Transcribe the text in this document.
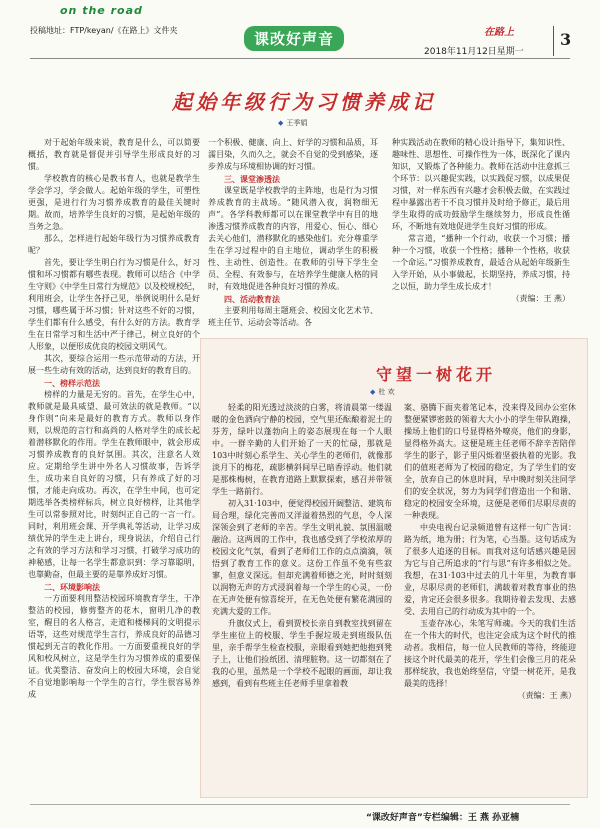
on the road
投稿地址：FTP/keyan/《在路上》文件夹	课改好声音	在路上
2018年11月12日星期一
3
起始年级行为习惯养成记
◆ 王季娟

对于起始年级来说，教育是什么，可以简要概括，教育就是督促并引导学生形成良好的习惯。

学校教育的核心是教书育人，也就是教学生学会学习，学会做人。起始年级的学生，可塑性更强，是进行行为习惯养成教育的最佳关键时期。故而，培养学生良好的习惯，是起始年级的当务之急。

那么，怎样进行起始年级行为习惯养成教育呢？

首先，要让学生明白行为习惯是什么，好习惯和坏习惯都有哪些表现。教师可以结合《中学生守则》《中学生日常行为规范》以及校规校纪，利用班会，让学生各抒己见，举例说明什么是好习惯，哪些属于坏习惯；针对这些不好的习惯，学生们都有什么感受，有什么好的方法。教育学生在日常学习和生活中严于律己，树立良好的个人形象，以便形成优良的校园文明风气。

其次，要综合运用一些示范带动的方法，开展一些生动有效的活动，达到良好的教育目的。

一、榜样示范法

榜样的力量是无穷的。首先，在学生心中，教师就是最具威望、最可效法的就是教师。“以身作则”向来是最好的教育方式。教师以身作则，以规范的言行和高尚的人格对学生的成长起着潜移默化的作用。学生在教师眼中，就会形成习惯养成教育的良好氛围。其次，注意名人效应。定期给学生讲中外名人习惯故事，告诉学生，成功来自良好的习惯，只有养成了好的习惯，才能走向成功。再次，在学生中间，也可定期选举各类榜样标兵，树立良好榜样，让其他学生可以常参照对比，时刻纠正自己的一言一行。同时，利用班会课、开学典礼等活动，让学习成绩优异的学生走上讲台，现身说法，介绍自己行之有效的学习方法和学习习惯，打破学习成功的神秘感，让每一名学生都意识到：学习靠聪明，也靠勤奋，但最主要的是靠养成好习惯。

二、环境影响法

一方面要利用整洁校园环境教育学生，干净整洁的校园，修剪整齐的花木，窗明几净的教室，醒目的名人格言，走道和楼梯间的文明提示语等，这些对规范学生言行，养成良好的品德习惯起到无言的教化作用。一方面要重视良好的学风和校风树立，这是学生行为习惯养成的重要保证。优美整洁、奋发向上的校园大环境，会自觉不自觉地影响每一个学生的言行，学生很容易养成

一个积极、健康、向上、好学的习惯和品质，耳濡目染，久而久之，就会不自觉的受到感染，逐步养成与环境相协调的好习惯。

三、课堂渗透法

课堂既是学校教学的主阵地，也是行为习惯养成教育的主战场。“随风潜入夜，润物细无声”。各学科教师都可以在课堂教学中有目的地渗透习惯养成教育的内容，用爱心、恒心、细心去关心他们，潜移默化的感染他们。充分尊重学生在学习过程中的自主地位，调动学生的积极性、主动性、创造性。在教师的引导下学生全员、全程、有效参与，在培养学生健康人格的同时，有效地促进各种良好习惯的养成。

四、活动教育法

主要利用每周主题班会、校园文化艺术节、班主任节、运动会等活动。各

种实践活动在教师的精心设计指导下，集知识性、趣味性、思想性、可操作性为一体，既深化了课内知识，又锻炼了各种能力。教师在活动中注意抓三个环节：以兴趣促实践，以实践促习惯，以成果促习惯，对一样东西有兴趣才会积极去做，在实践过程中暴露出若干不良习惯并及时给予修正，最后用学生取得的成功鼓励学生继续努力，形成良性循环，不断地有效地促进学生良好习惯的形成。

常言道，“播种一个行动，收获一个习惯；播种一个习惯，收获一个性格；播种一个性格，收获一个命运。”习惯养成教育，最适合从起始年级新生入学开始，从小事做起，长期坚持，养成习惯，持之以恒，助力学生成长成才！

（责编：王 燕）

守望一树花开
◆ 杜 欢

轻柔的阳光透过淡淡的白雾，将清晨第一缕温暖的金色洒向宁静的校园，空气里还酝酿着泥土的芬芳，绿叶以蓬勃向上的姿态展现在每一个人眼中。一群辛勤的人们开始了一天的忙碌，那就是103中时刻心系学生、关心学生的老师们，就像那淡月下的梅花，疏影横斜间早已暗香浮动。他们就是那株梅树，在教育道路上默默探索，感召并带领学生一路前行。

初入31·103中，便觉得校园开阔整洁、建筑布局合理，绿化完善而又洋溢着热烈的气息，令人深深领会到了老师的辛苦。学生文明礼貌、氛围温暖融洽。这两周的工作中，我也感受到了学校浓厚的校园文化气氛，看到了老师们工作的点点滴滴，领悟到了教育工作的意义。这份工作虽不免有些寂寥，但意义深远。但却充满着师德之光，时时刻刻以润物无声的方式浸润着每一个学生的心灵，一份在无声处便有惊喜绽开，在无色处便有繁花满园的充满大爱的工作。

升旗仪式上，看到贾校长亲自到教室找到留在学生座位上的校服、学生手握垃圾走到班级队伍里，亲手帮学生检查校服，亲眼看到她把他抱到凳子上，让他们捡纸团、清理脏物。这一切都刻在了我的心里，虽然是一个学校不起眼的画面，却让我感到，看到有些班主任老师手里拿着教

案、骆腾下面夹着笔记本，没来得及回办公室休整便紧锣密鼓的领着大大小小的学生带队跑操，操场上他们的口号显得格外嘹亮，他们的身影，显得格外高大。这便是班主任老师不辞辛苦陪伴学生的影子，影子里闪烁着坚毅执着的光影。我们的值班老师为了校园的稳定，为了学生们的安全，放弃自己的休息时间，早中晚时刻关注同学们的安全状况，努力为同学们营造出一个和谐、稳定的校园安全环境，这便是老师们尽职尽责的一种表现。

中央电视台记录频道曾有这样一句广告词：路为纸，地为册；行为笔，心当墨。这句话成为了很多人追逐的目标。而我对这句话感兴趣是因为它与自己所追求的“行与思”有许多相似之处。我想，在31·103中过去的几十年里，为教育事业，尽职尽责的老师们，满载着对教育事业的热爱，肯定还会很多很多。我期待着去发现、去感受、去用自己的行动成为其中的一个。

玉壶存冰心，朱笔写师魂。今天的我们生活在一个伟大的时代，也注定会成为这个时代的推动者。我相信，每一位人民教师的等待，终能迎接这个时代最美的花开，学生们会像三月的花朵那样绽放，我也始终坚信，守望一树花开，是我最美的选择！

（责编：王 燕）

“课改好声音”专栏编辑：王 燕 孙亚楠
